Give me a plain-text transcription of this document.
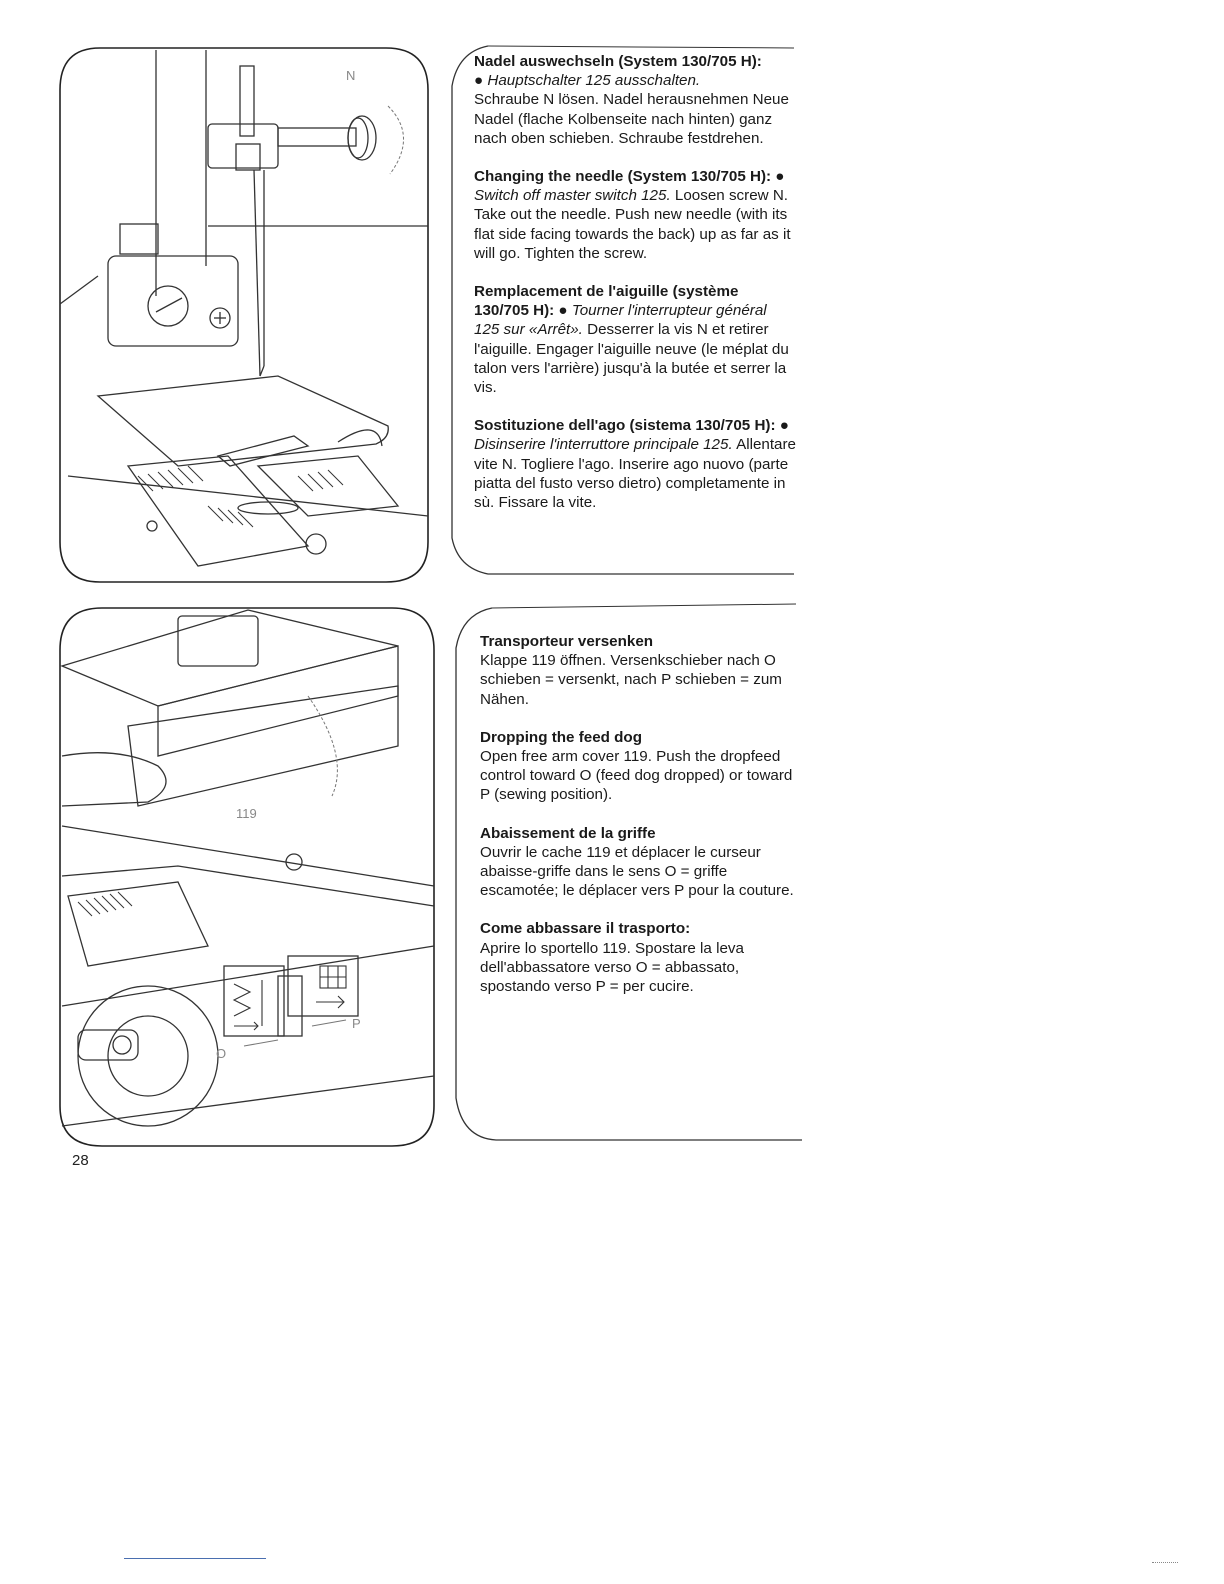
N

Nadel auswechseln (System 130/705 H):

● Hauptschalter 125 ausschalten.

Schraube N lösen. Nadel herausnehmen Neue Nadel (flache Kolbenseite nach hinten) ganz nach oben schieben. Schraube festdrehen.

Changing the needle (System 130/705 H): ● Switch off master switch 125. Loosen screw N. Take out the needle. Push new needle (with its flat side facing towards the back) up as far as it will go. Tighten the screw.

Remplacement de l'aiguille (système 130/705 H): ● Tourner l'interrupteur général 125 sur «Arrêt». Desserrer la vis N et retirer l'aiguille. Engager l'aiguille neuve (le méplat du talon vers l'arrière) jusqu'à la butée et serrer la vis.

Sostituzione dell'ago (sistema 130/705 H): ● Disinserire l'interruttore principale 125. Allentare vite N. Togliere l'ago. Inserire ago nuovo (parte piatta del fusto verso dietro) completamente in sù. Fissare la vite.

119
O
P

Transporteur versenken

Klappe 119 öffnen. Versenkschieber nach O schieben = versenkt, nach P schieben = zum Nähen.

Dropping the feed dog

Open free arm cover 119. Push the dropfeed control toward O (feed dog dropped) or toward P (sewing position).

Abaissement de la griffe

Ouvrir le cache 119 et déplacer le curseur abaisse-griffe dans le sens O = griffe escamotée; le déplacer vers P pour la couture.

Come abbassare il trasporto:

Aprire lo sportello 119. Spostare la leva dell'abbassatore verso O = abbassato, spostando verso P = per cucire.

28
